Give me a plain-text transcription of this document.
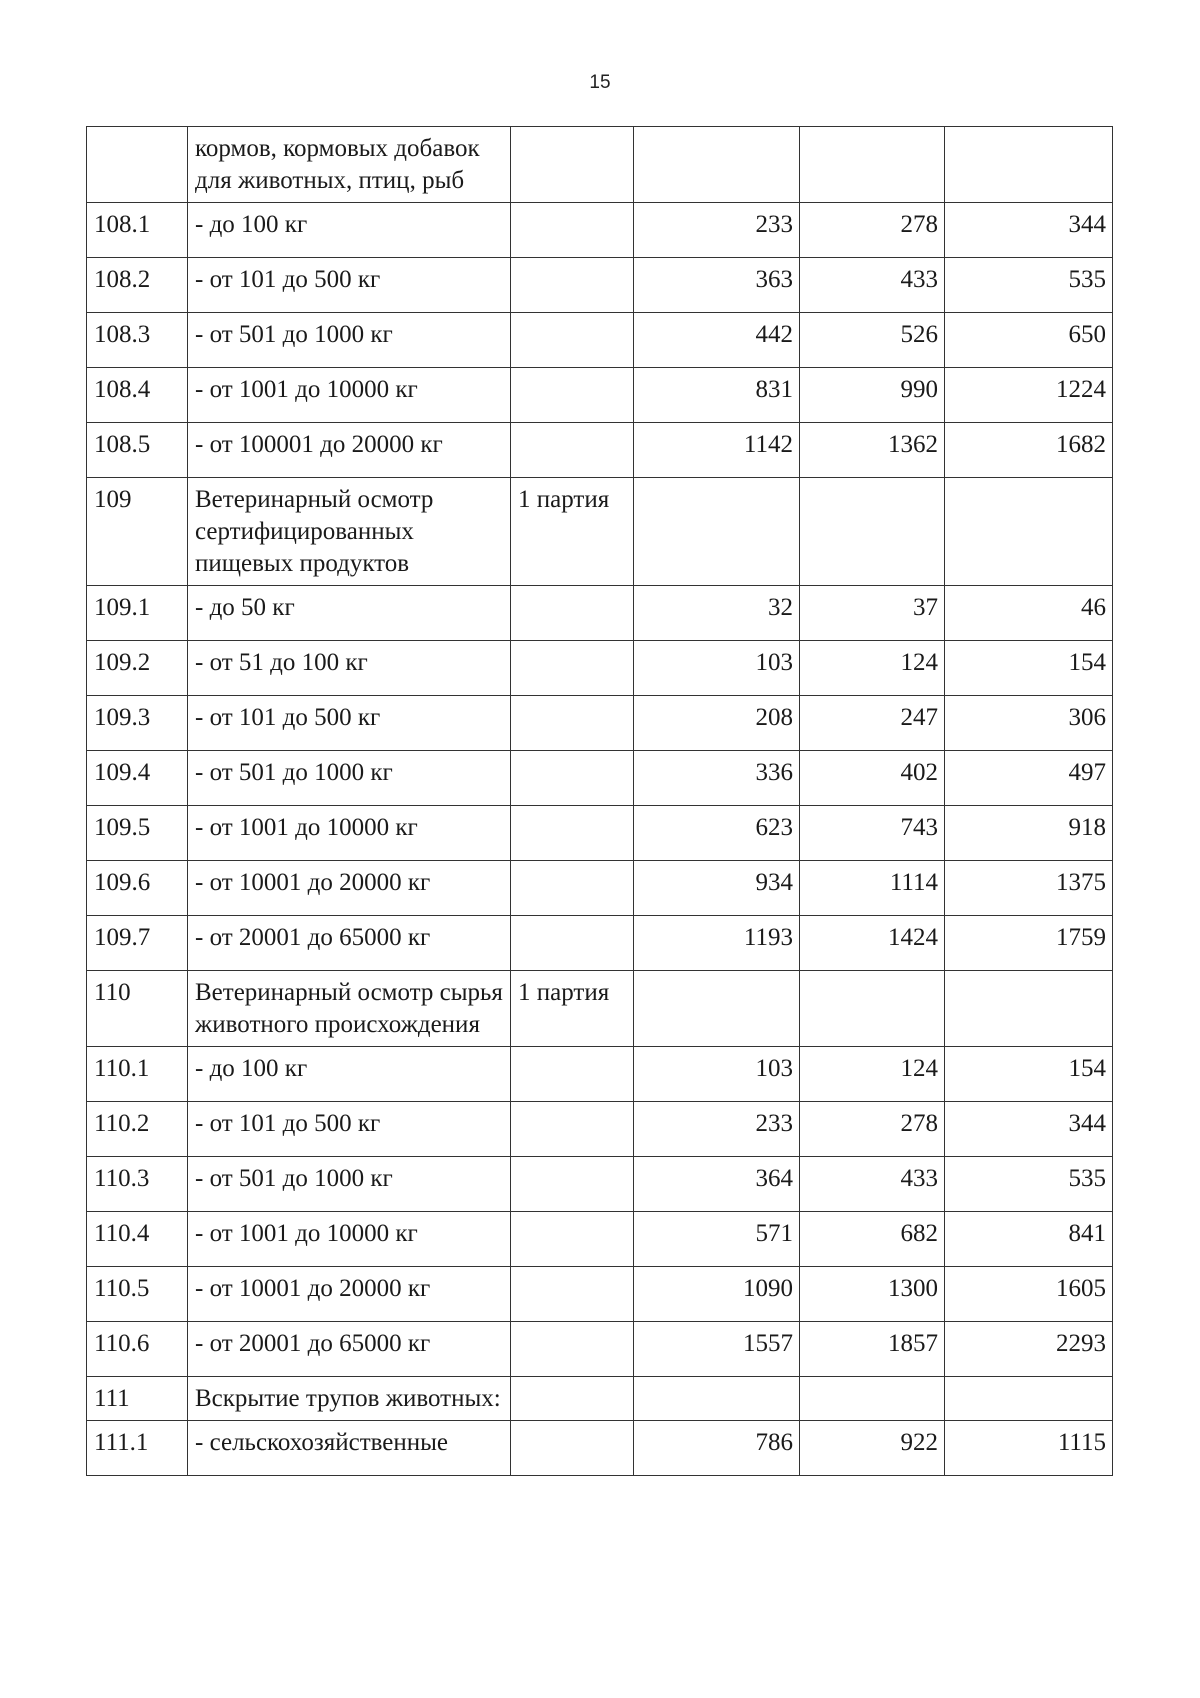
15
	кормов, кормовых добавок для животных, птиц, рыб				
108.1	- до 100 кг		233	278	344
108.2	- от 101 до 500 кг		363	433	535
108.3	- от 501 до 1000 кг		442	526	650
108.4	- от 1001 до 10000 кг		831	990	1224
108.5	- от 100001 до 20000 кг		1142	1362	1682
109	Ветеринарный осмотр сертифицированных пищевых продуктов	1 партия			
109.1	- до 50 кг		32	37	46
109.2	- от 51 до 100 кг		103	124	154
109.3	- от 101 до 500 кг		208	247	306
109.4	- от 501 до 1000 кг		336	402	497
109.5	- от 1001 до 10000 кг		623	743	918
109.6	- от 10001 до 20000 кг		934	1114	1375
109.7	- от 20001 до 65000 кг		1193	1424	1759
110	Ветеринарный осмотр сырья животного происхождения	1 партия			
110.1	- до 100 кг		103	124	154
110.2	- от 101 до 500 кг		233	278	344
110.3	- от 501 до 1000 кг		364	433	535
110.4	- от 1001 до 10000 кг		571	682	841
110.5	- от 10001 до 20000 кг		1090	1300	1605
110.6	- от 20001 до 65000 кг		1557	1857	2293
111	Вскрытие трупов животных:				
111.1	- сельскохозяйственные		786	922	1115
